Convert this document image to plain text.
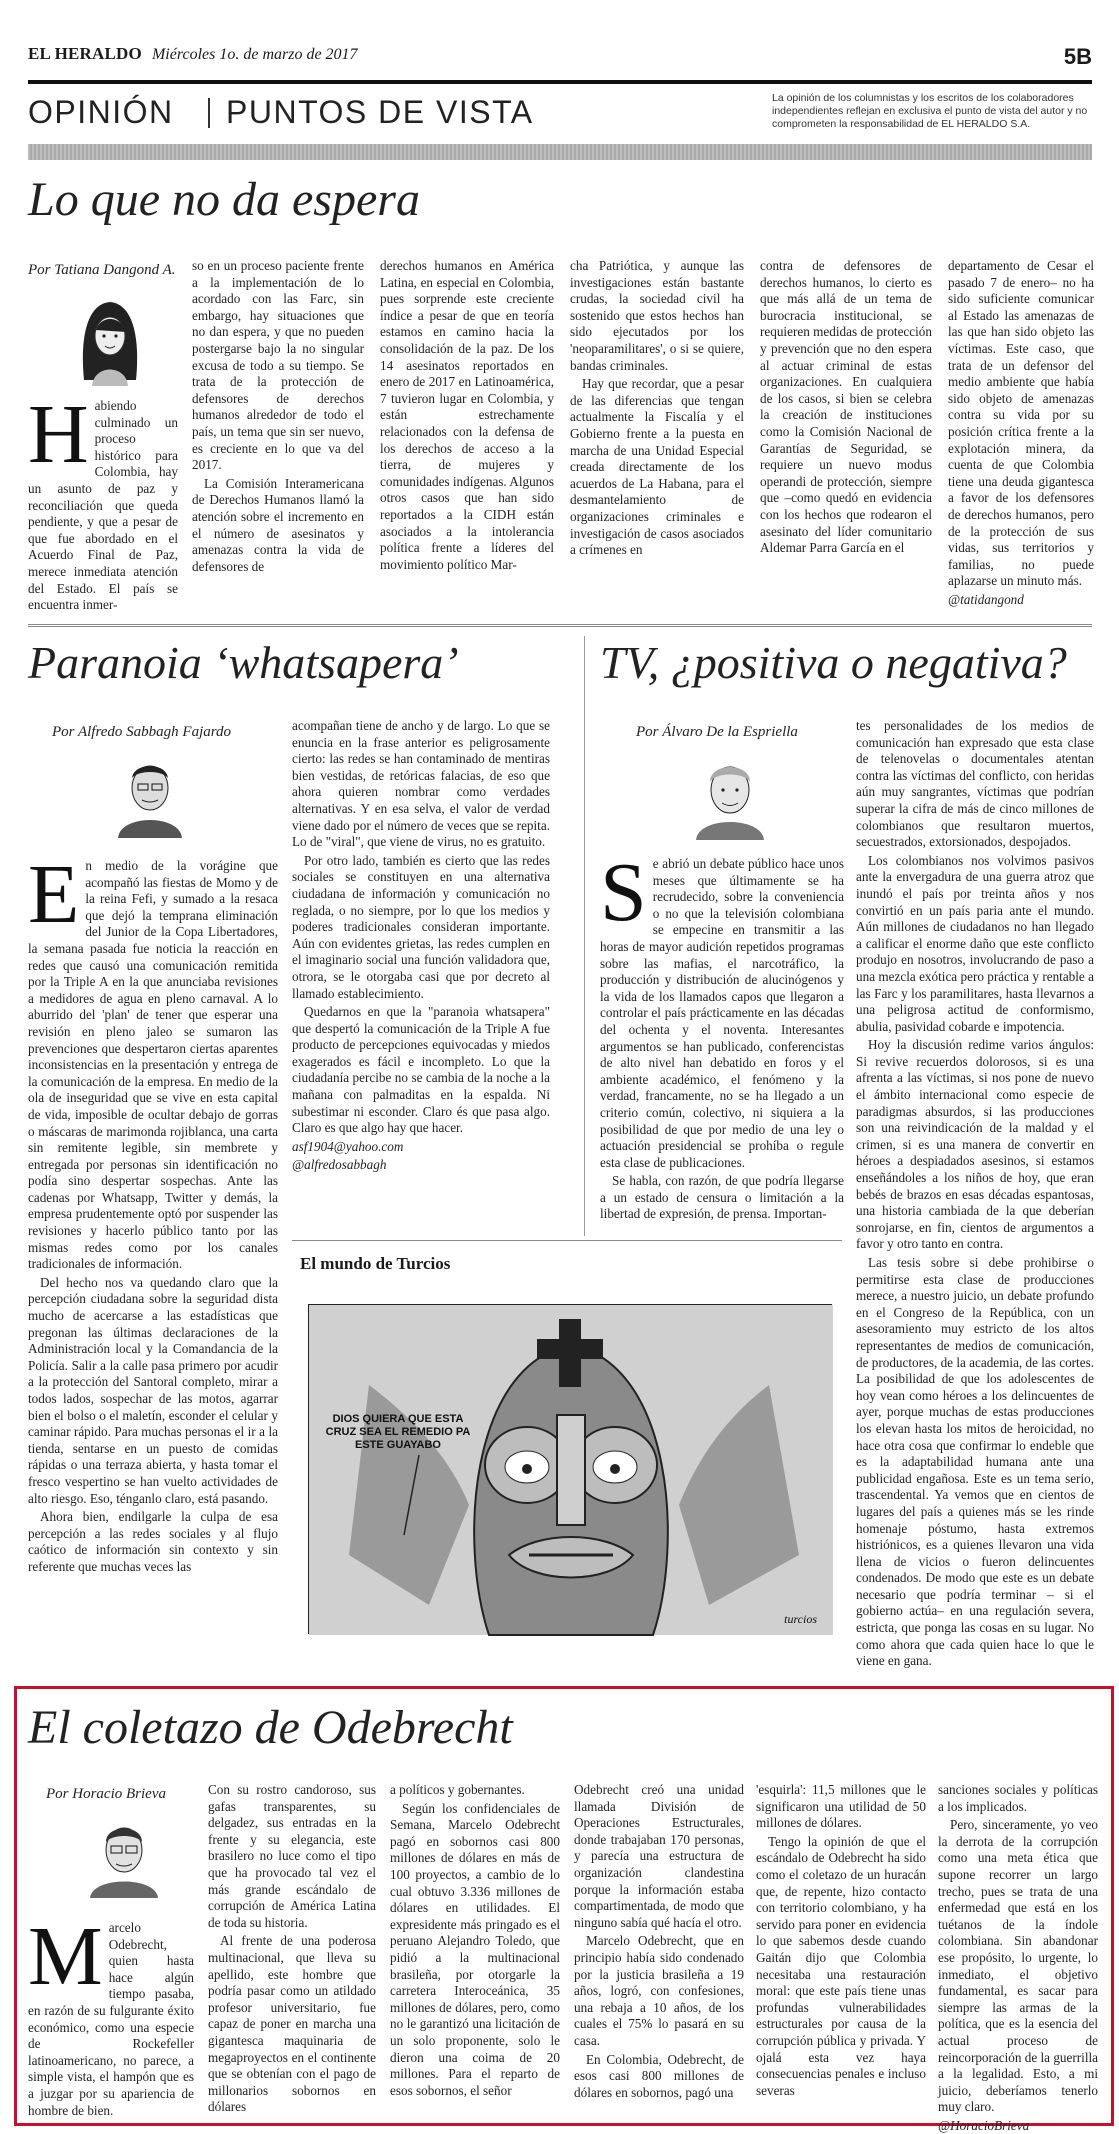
EL HERALDO Miércoles 1o. de marzo de 2017	5B
OPINIÓN PUNTOS DE VISTA	La opinión de los columnistas y los escritos de los colaboradores independientes reflejan en exclusiva el punto de vista del autor y no comprometen la responsabilidad de EL HERALDO S.A.
Lo que no da espera
Por Tatiana Dangond A.
H abiendo culminado un proceso histórico para Colombia, hay un asunto de paz y reconciliación que queda pendiente, y que a pesar de que fue abordado en el Acuerdo Final de Paz, merece inmediata atención del Estado. El país se encuentra inmer-

so en un proceso paciente frente a la implementación de lo acordado con las Farc, sin embargo, hay situaciones que no dan espera, y que no pueden postergarse bajo la no singular excusa de todo a su tiempo. Se trata de la protección de defensores de derechos humanos alrededor de todo el país, un tema que sin ser nuevo, es creciente en lo que va del 2017.

La Comisión Interamericana de Derechos Humanos llamó la atención sobre el incremento en el número de asesinatos y amenazas contra la vida de defensores de

derechos humanos en América Latina, en especial en Colombia, pues sorprende este creciente índice a pesar de que en teoría estamos en camino hacia la consolidación de la paz. De los 14 asesinatos reportados en enero de 2017 en Latinoamérica, 7 tuvieron lugar en Colombia, y están estrechamente relacionados con la defensa de los derechos de acceso a la tierra, de mujeres y comunidades indígenas. Algunos otros casos que han sido reportados a la CIDH están asociados a la intolerancia política frente a líderes del movimiento político Mar-

cha Patriótica, y aunque las investigaciones están bastante crudas, la sociedad civil ha sostenido que estos hechos han sido ejecutados por los 'neoparamilitares', o si se quiere, bandas criminales.

Hay que recordar, que a pesar de las diferencias que tengan actualmente la Fiscalía y el Gobierno frente a la puesta en marcha de una Unidad Especial creada directamente de los acuerdos de La Habana, para el desmantelamiento de organizaciones criminales e investigación de casos asociados a crímenes en

contra de defensores de derechos humanos, lo cierto es que más allá de un tema de burocracia institucional, se requieren medidas de protección y prevención que no den espera al actuar criminal de estas organizaciones. En cualquiera de los casos, si bien se celebra la creación de instituciones como la Comisión Nacional de Garantías de Seguridad, se requiere un nuevo modus operandi de protección, siempre que –como quedó en evidencia con los hechos que rodearon el asesinato del líder comunitario Aldemar Parra García en el

departamento de Cesar el pasado 7 de enero– no ha sido suficiente comunicar al Estado las amenazas de las que han sido objeto las víctimas. Este caso, que trata de un defensor del medio ambiente que había sido objeto de amenazas contra su vida por su posición crítica frente a la explotación minera, da cuenta de que Colombia tiene una deuda gigantesca a favor de los defensores de derechos humanos, pero de la protección de sus vidas, sus territorios y familias, no puede aplazarse un minuto más.

@tatidangond

Paranoia ‘whatsapera’
Por Alfredo Sabbagh Fajardo
E n medio de la vorágine que acompañó las fiestas de Momo y de la reina Fefi, y sumado a la resaca que dejó la temprana eliminación del Junior de la Copa Libertadores, la semana pasada fue noticia la reacción en redes que causó una comunicación remitida por la Triple A en la que anunciaba revisiones a medidores de agua en pleno carnaval. A lo aburrido del 'plan' de tener que esperar una revisión en pleno jaleo se sumaron las prevenciones que despertaron ciertas aparentes inconsistencias en la presentación y entrega de la comunicación de la empresa. En medio de la ola de inseguridad que se vive en esta capital de vida, imposible de ocultar debajo de gorras o máscaras de marimonda rojiblanca, una carta sin remitente legible, sin membrete y entregada por personas sin identificación no podía sino despertar sospechas. Ante las cadenas por Whatsapp, Twitter y demás, la empresa prudentemente optó por suspender las revisiones y hacerlo público tanto por las mismas redes como por los canales tradicionales de información.

Del hecho nos va quedando claro que la percepción ciudadana sobre la seguridad dista mucho de acercarse a las estadísticas que pregonan las últimas declaraciones de la Administración local y la Comandancia de la Policía. Salir a la calle pasa primero por acudir a la protección del Santoral completo, mirar a todos lados, sospechar de las motos, agarrar bien el bolso o el maletín, esconder el celular y caminar rápido. Para muchas personas el ir a la tienda, sentarse en un puesto de comidas rápidas o una terraza abierta, y hasta tomar el fresco vespertino se han vuelto actividades de alto riesgo. Eso, ténganlo claro, está pasando.

Ahora bien, endilgarle la culpa de esa percepción a las redes sociales y al flujo caótico de información sin contexto y sin referente que muchas veces las

acompañan tiene de ancho y de largo. Lo que se enuncia en la frase anterior es peligrosamente cierto: las redes se han contaminado de mentiras bien vestidas, de retóricas falacias, de eso que ahora quieren nombrar como verdades alternativas. Y en esa selva, el valor de verdad viene dado por el número de veces que se repita. Lo de "viral", que viene de virus, no es gratuito.

Por otro lado, también es cierto que las redes sociales se constituyen en una alternativa ciudadana de información y comunicación no reglada, o no siempre, por lo que los medios y poderes tradicionales consideran importante. Aún con evidentes grietas, las redes cumplen en el imaginario social una función validadora que, otrora, se le otorgaba casi que por decreto al llamado establecimiento.

Quedarnos en que la "paranoia whatsapera" que despertó la comunicación de la Triple A fue producto de percepciones equivocadas y miedos exagerados es fácil e incompleto. Lo que la ciudadanía percibe no se cambia de la noche a la mañana con palmaditas en la espalda. Ni subestimar ni esconder. Claro és que pasa algo. Claro es que algo hay que hacer.

asf1904@yahoo.com

@alfredosabbagh

TV, ¿positiva o negativa?
Por Álvaro De la Espriella
S e abrió un debate público hace unos meses que últimamente se ha recrudecido, sobre la conveniencia o no que la televisión colombiana se empecine en transmitir a las horas de mayor audición repetidos programas sobre las mafias, el narcotráfico, la producción y distribución de alucinógenos y la vida de los llamados capos que llegaron a controlar el país prácticamente en las décadas del ochenta y el noventa. Interesantes argumentos se han publicado, conferencistas de alto nivel han debatido en foros y el ambiente académico, el fenómeno y la verdad, francamente, no se ha llegado a un criterio común, colectivo, ni siquiera a la posibilidad de que por medio de una ley o actuación presidencial se prohíba o regule esta clase de publicaciones.

Se habla, con razón, de que podría llegarse a un estado de censura o limitación a la libertad de expresión, de prensa. Importan-

tes personalidades de los medios de comunicación han expresado que esta clase de telenovelas o documentales atentan contra las víctimas del conflicto, con heridas aún muy sangrantes, víctimas que podrían superar la cifra de más de cinco millones de colombianos que resultaron muertos, secuestrados, extorsionados, despojados.

Los colombianos nos volvimos pasivos ante la envergadura de una guerra atroz que inundó el país por treinta años y nos convirtió en un país paria ante el mundo. Aún millones de ciudadanos no han llegado a calificar el enorme daño que este conflicto produjo en nosotros, involucrando de paso a una mezcla exótica pero práctica y rentable a las Farc y los paramilitares, hasta llevarnos a una peligrosa actitud de conformismo, abulia, pasividad cobarde e impotencia.

Hoy la discusión redime varios ángulos: Si revive recuerdos dolorosos, si es una afrenta a las víctimas, si nos pone de nuevo el ámbito internacional como especie de paradigmas absurdos, si las producciones son una reivindicación de la maldad y el crimen, si es una manera de convertir en héroes a despiadados asesinos, si estamos enseñándoles a los niños de hoy, que eran bebés de brazos en esas décadas espantosas, una historia cambiada de la que deberían sonrojarse, en fin, cientos de argumentos a favor y otro tanto en contra.

Las tesis sobre si debe prohibirse o permitirse esta clase de producciones merece, a nuestro juicio, un debate profundo en el Congreso de la República, con un asesoramiento muy estricto de los altos representantes de medios de comunicación, de productores, de la academia, de las cortes. La posibilidad de que los adolescentes de hoy vean como héroes a los delincuentes de ayer, porque muchas de estas producciones los elevan hasta los mitos de heroicidad, no hace otra cosa que confirmar lo endeble que es la adaptabilidad humana ante una publicidad engañosa. Este es un tema serio, trascendental. Ya vemos que en cientos de lugares del país a quienes más se les rinde homenaje póstumo, hasta extremos histriónicos, es a quienes llevaron una vida llena de vicios o fueron delincuentes condenados. De modo que este es un debate necesario que podría terminar – si el gobierno actúa– en una regulación severa, estricta, que ponga las cosas en su lugar. No como ahora que cada quien hace lo que le viene en gana.

El mundo de Turcios
DIOS QUIERA QUE ESTA CRUZ SEA EL REMEDIO PA ESTE GUAYABO
turcios
El coletazo de Odebrecht
Por Horacio Brieva
M arcelo Odebrecht, quien hasta hace algún tiempo pasaba, en razón de su fulgurante éxito económico, como una especie de Rockefeller latinoamericano, no parece, a simple vista, el hampón que es a juzgar por su apariencia de hombre de bien.

Con su rostro candoroso, sus gafas transparentes, su delgadez, sus entradas en la frente y su elegancia, este brasilero no luce como el tipo que ha provocado tal vez el más grande escándalo de corrupción de América Latina de toda su historia.

Al frente de una poderosa multinacional, que lleva su apellido, este hombre que podría pasar como un atildado profesor universitario, fue capaz de poner en marcha una gigantesca maquinaria de megaproyectos en el continente que se obtenían con el pago de millonarios sobornos en dólares

a políticos y gobernantes.

Según los confidenciales de Semana, Marcelo Odebrecht pagó en sobornos casi 800 millones de dólares en más de 100 proyectos, a cambio de lo cual obtuvo 3.336 millones de dólares en utilidades. El expresidente más pringado es el peruano Alejandro Toledo, que pidió a la multinacional brasileña, por otorgarle la carretera Interoceánica, 35 millones de dólares, pero, como no le garantizó una licitación de un solo proponente, solo le dieron una coima de 20 millones. Para el reparto de esos sobornos, el señor

Odebrecht creó una unidad llamada División de Operaciones Estructurales, donde trabajaban 170 personas, y parecía una estructura de organización clandestina porque la información estaba compartimentada, de modo que ninguno sabía qué hacía el otro.

Marcelo Odebrecht, que en principio había sido condenado por la justicia brasileña a 19 años, logró, con confesiones, una rebaja a 10 años, de los cuales el 75% lo pasará en su casa.

En Colombia, Odebrecht, de esos casi 800 millones de dólares en sobornos, pagó una

'esquirla': 11,5 millones que le significaron una utilidad de 50 millones de dólares.

Tengo la opinión de que el escándalo de Odebrecht ha sido como el coletazo de un huracán que, de repente, hizo contacto con territorio colombiano, y ha servido para poner en evidencia lo que sabemos desde cuando Gaitán dijo que Colombia necesitaba una restauración moral: que este país tiene unas profundas vulnerabilidades estructurales por causa de la corrupción pública y privada. Y ojalá esta vez haya consecuencias penales e incluso severas

sanciones sociales y políticas a los implicados.

Pero, sinceramente, yo veo la derrota de la corrupción como una meta ética que supone recorrer un largo trecho, pues se trata de una enfermedad que está en los tuétanos de la índole colombiana. Sin abandonar ese propósito, lo urgente, lo inmediato, el objetivo fundamental, es sacar para siempre las armas de la política, que es la esencia del actual proceso de reincorporación de la guerrilla a la legalidad. Esto, a mi juicio, deberíamos tenerlo muy claro.

@HoracioBrieva
